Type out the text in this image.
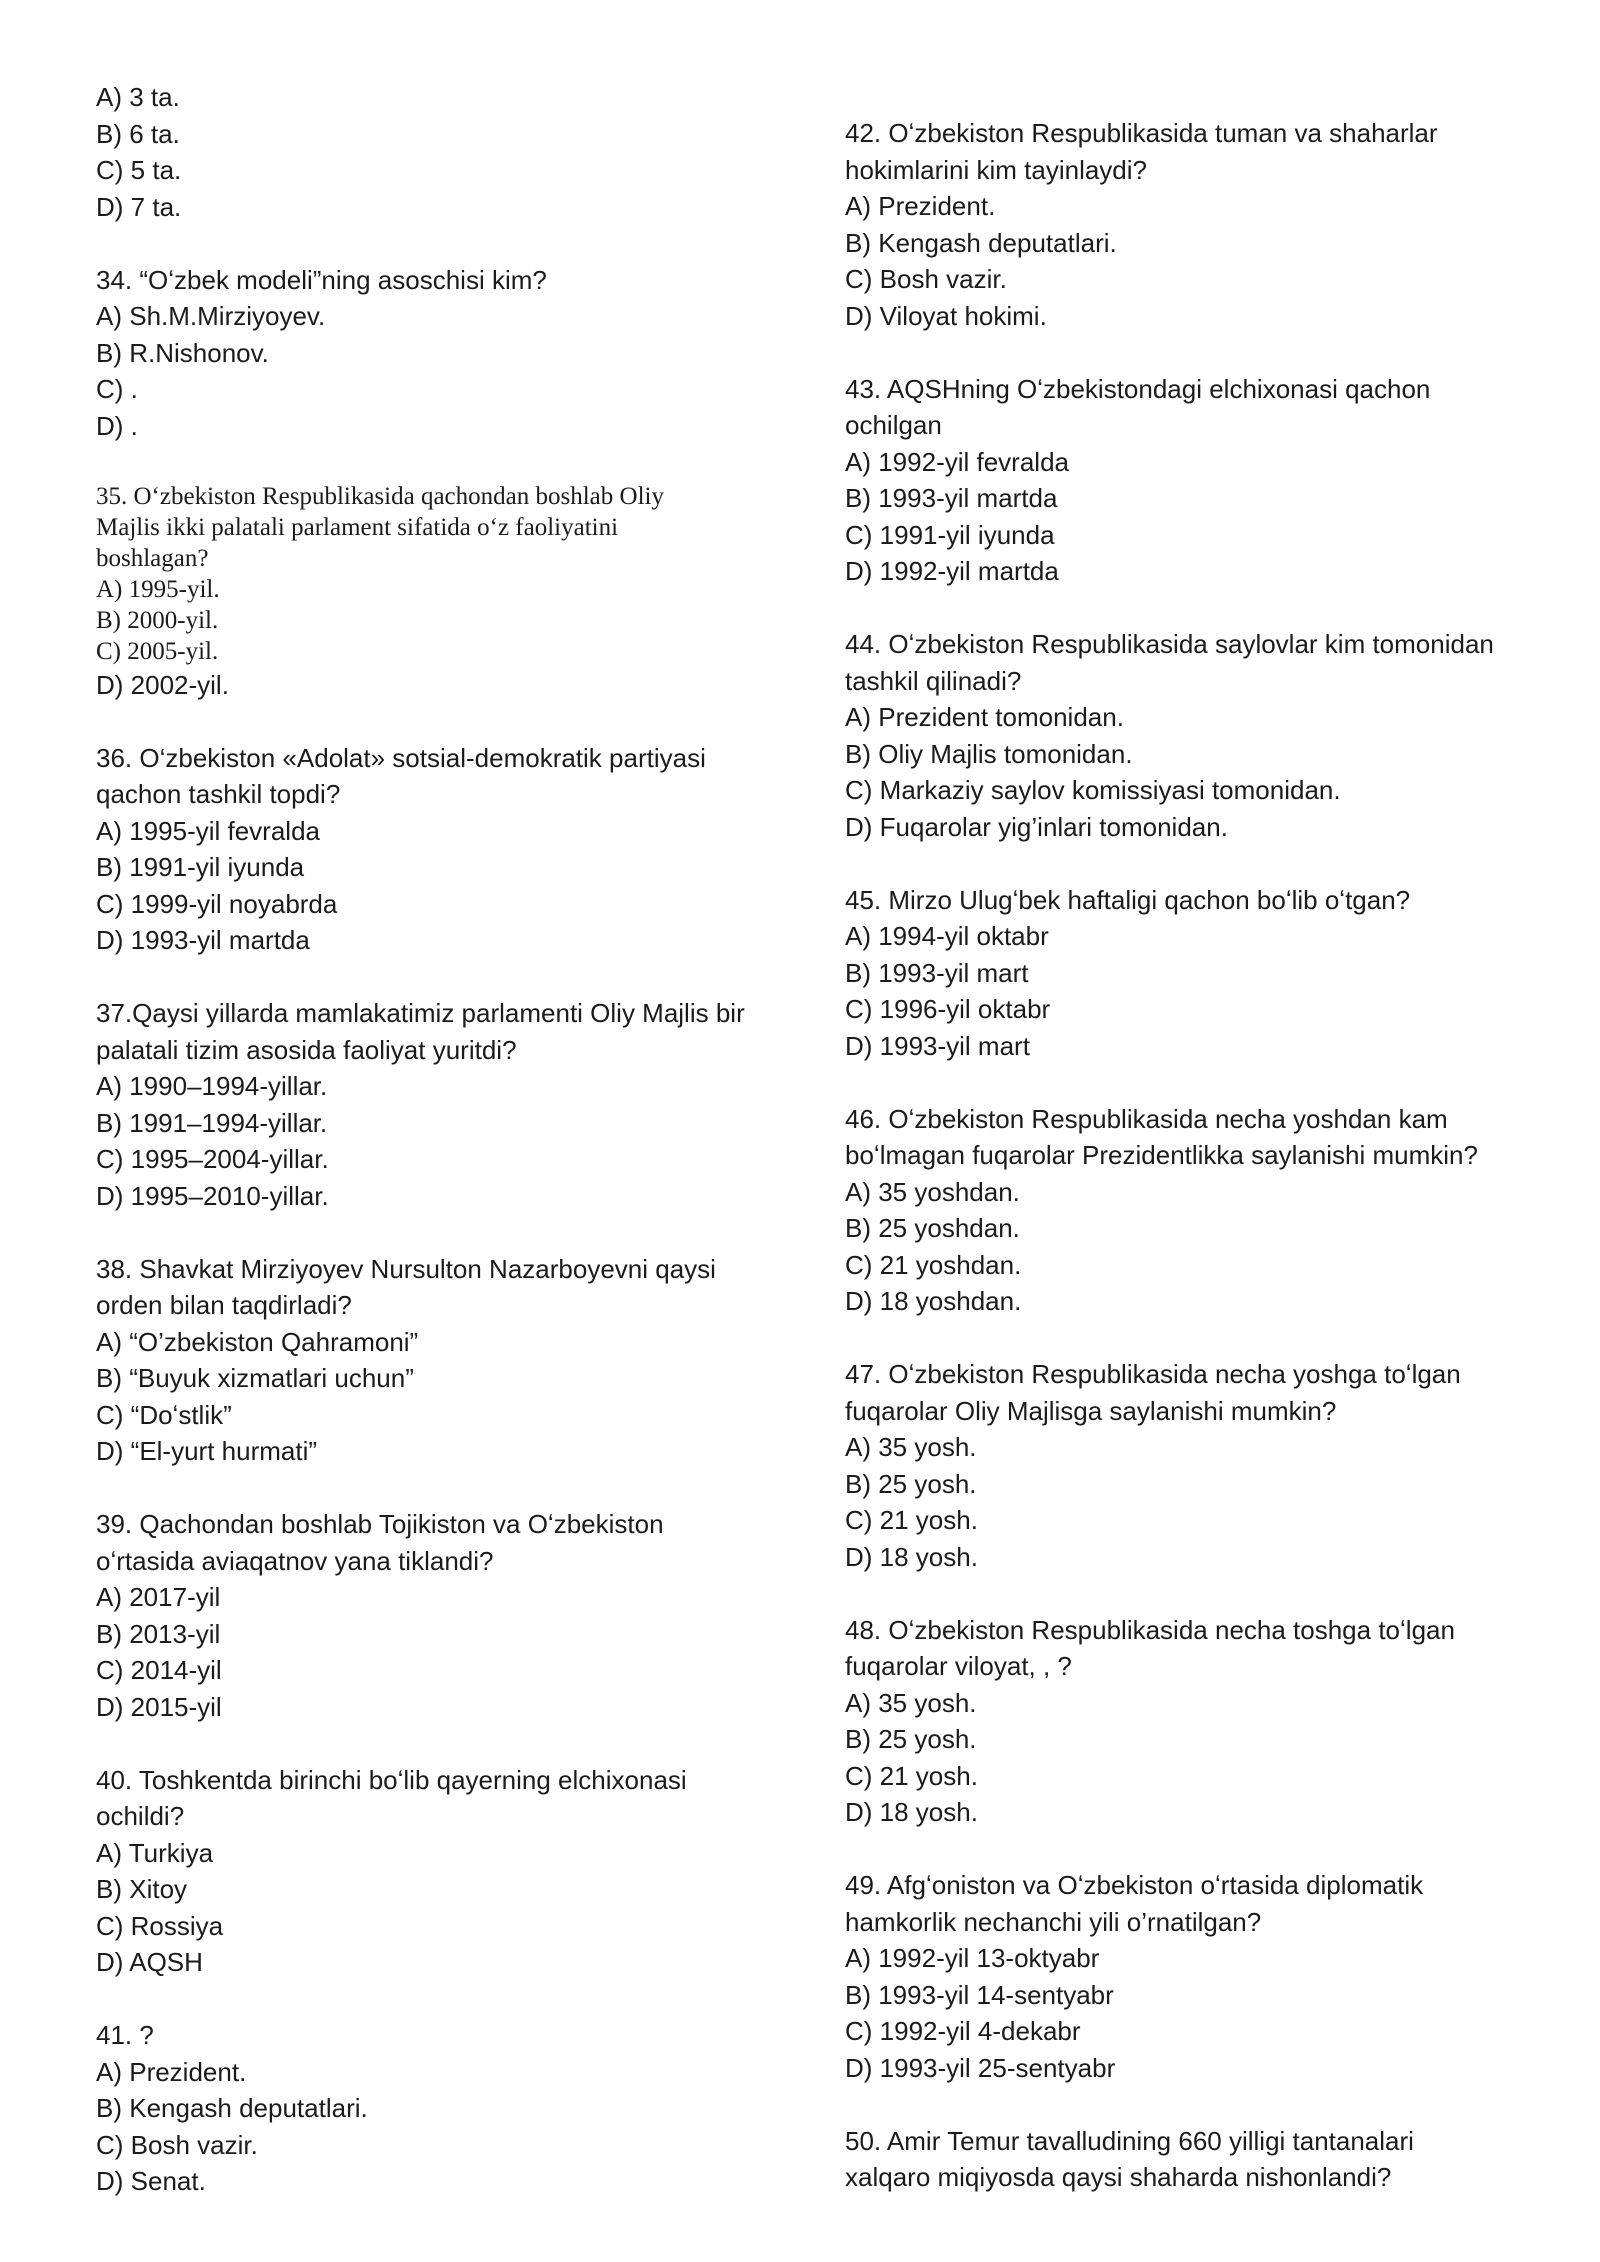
A) 3 ta.
B) 6 ta.
C) 5 ta.
D) 7 ta.
34. “Oʻzbek modeli”ning asoschisi kim?
A) Sh.M.Mirziyoyev.
B) R.Nishonov.
C) .
D) .
35. Oʻzbekiston Respublikasida qachondan boshlab Oliy
Majlis ikki palatali parlament sifatida oʻz faoliyatini
boshlagan?
A) 1995-yil.
B) 2000-yil.
C) 2005-yil.
D) 2002-yil.
36. O‘zbekiston «Adolat» sotsial-demokratik partiyasi
qachon tashkil topdi?
A) 1995-yil fevralda
B) 1991-yil iyunda
C) 1999-yil noyabrda
D) 1993-yil martda
37.Qaysi yillarda mamlakatimiz parlamenti Oliy Majlis bir
palatali tizim asosida faoliyat yuritdi?
A) 1990–1994-yillar.
B) 1991–1994-yillar.
C) 1995–2004-yillar.
D) 1995–2010-yillar.
38. Shavkat Mirziyoyev Nursulton Nazarboyevni qaysi
orden bilan taqdirladi?
A) “O’zbekiston Qahramoni”
B) “Buyuk xizmatlari uchun”
C) “Doʻstlik”
D) “El-yurt hurmati”
39. Qachondan boshlab Tojikiston va Oʻzbekiston
oʻrtasida aviaqatnov yana tiklandi?
A) 2017-yil
B) 2013-yil
C) 2014-yil
D) 2015-yil
40. Toshkentda birinchi boʻlib qayerning elchixonasi
ochildi?
A) Turkiya
B) Xitoy
C) Rossiya
D) AQSH
41. ?
A) Prezident.
B) Kengash deputatlari.
C) Bosh vazir.
D) Senat.
42. Oʻzbekiston Respublikasida tuman va shaharlar
hokimlarini kim tayinlaydi?
A) Prezident.
B) Kengash deputatlari.
C) Bosh vazir.
D) Viloyat hokimi.
43. AQSHning Oʻzbekistondagi elchixonasi qachon
ochilgan
A) 1992-yil fevralda
B) 1993-yil martda
C) 1991-yil iyunda
D) 1992-yil martda
44. Oʻzbekiston Respublikasida saylovlar kim tomonidan
tashkil qilinadi?
A) Prezident tomonidan.
B) Oliy Majlis tomonidan.
C) Markaziy saylov komissiyasi tomonidan.
D) Fuqarolar yig’inlari tomonidan.
45. Mirzo Ulugʻbek haftaligi qachon boʻlib oʻtgan?
A) 1994-yil oktabr
B) 1993-yil mart
C) 1996-yil oktabr
D) 1993-yil mart
46. Oʻzbekiston Respublikasida necha yoshdan kam
boʻlmagan fuqarolar Prezidentlikka saylanishi mumkin?
A) 35 yoshdan.
B) 25 yoshdan.
C) 21 yoshdan.
D) 18 yoshdan.
47. Oʻzbekiston Respublikasida necha yoshga toʻlgan
fuqarolar Oliy Majlisga saylanishi mumkin?
A) 35 yosh.
B) 25 yosh.
C) 21 yosh.
D) 18 yosh.
48. Oʻzbekiston Respublikasida necha toshga toʻlgan
fuqarolar viloyat, , ?
A) 35 yosh.
B) 25 yosh.
C) 21 yosh.
D) 18 yosh.
49. Afgʻoniston va Oʻzbekiston oʻrtasida diplomatik
hamkorlik nechanchi yili o’rnatilgan?
A) 1992-yil 13-oktyabr
B) 1993-yil 14-sentyabr
C) 1992-yil 4-dekabr
D) 1993-yil 25-sentyabr
50. Amir Temur tavalludining 660 yilligi tantanalari
xalqaro miqiyosda qaysi shaharda nishonlandi?
